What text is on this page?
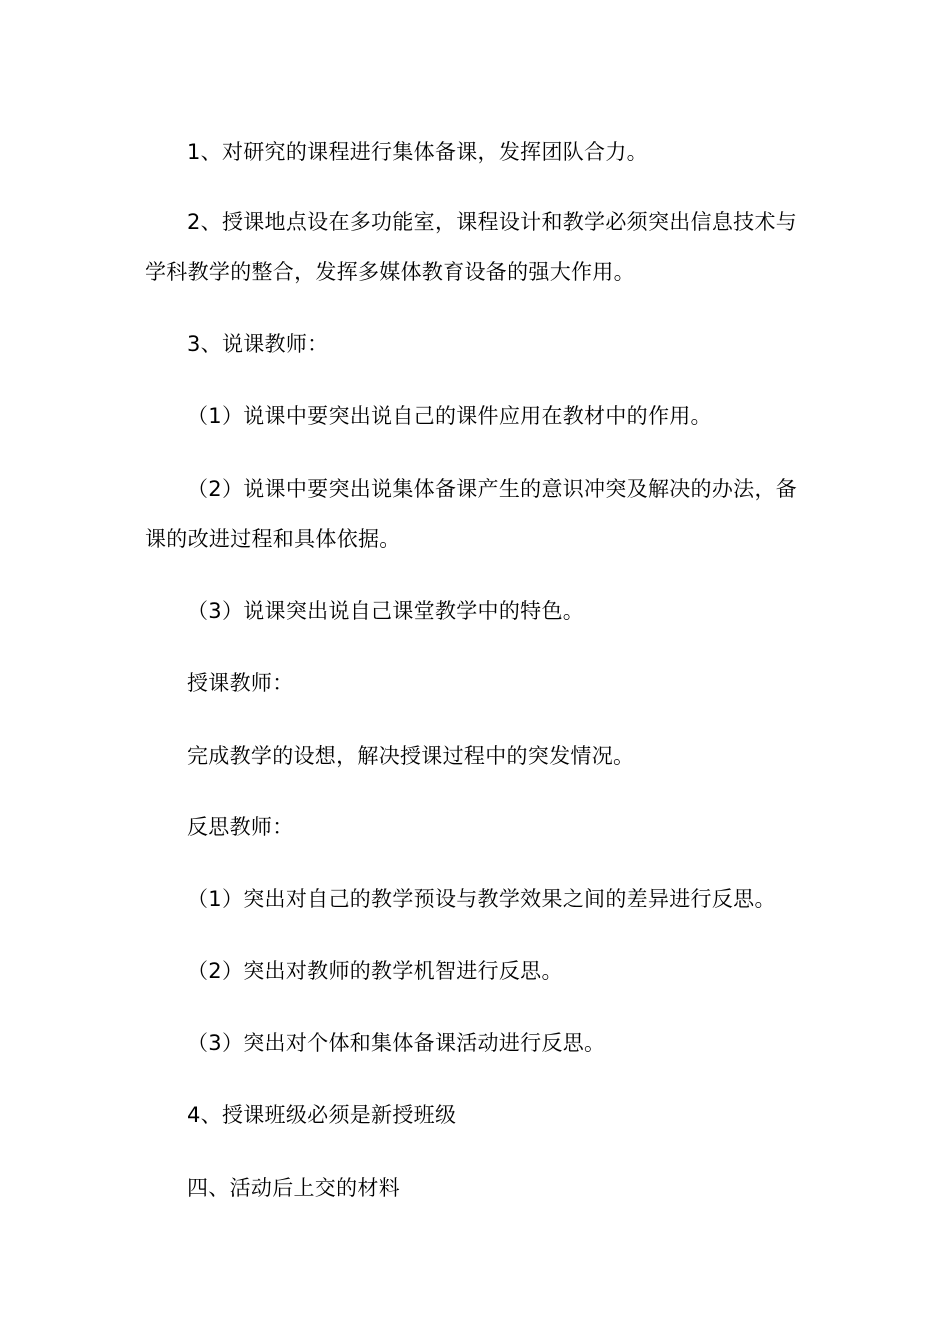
1、对研究的课程进行集体备课，发挥团队合力。
2、授课地点设在多功能室，课程设计和教学必须突出信息技术与
学科教学的整合，发挥多媒体教育设备的强大作用。
3、说课教师：
（1）说课中要突出说自己的课件应用在教材中的作用。
（2）说课中要突出说集体备课产生的意识冲突及解决的办法，备
课的改进过程和具体依据。
（3）说课突出说自己课堂教学中的特色。
授课教师：
完成教学的设想，解决授课过程中的突发情况。
反思教师：
（1）突出对自己的教学预设与教学效果之间的差异进行反思。
（2）突出对教师的教学机智进行反思。
（3）突出对个体和集体备课活动进行反思。
4、授课班级必须是新授班级
四、活动后上交的材料
